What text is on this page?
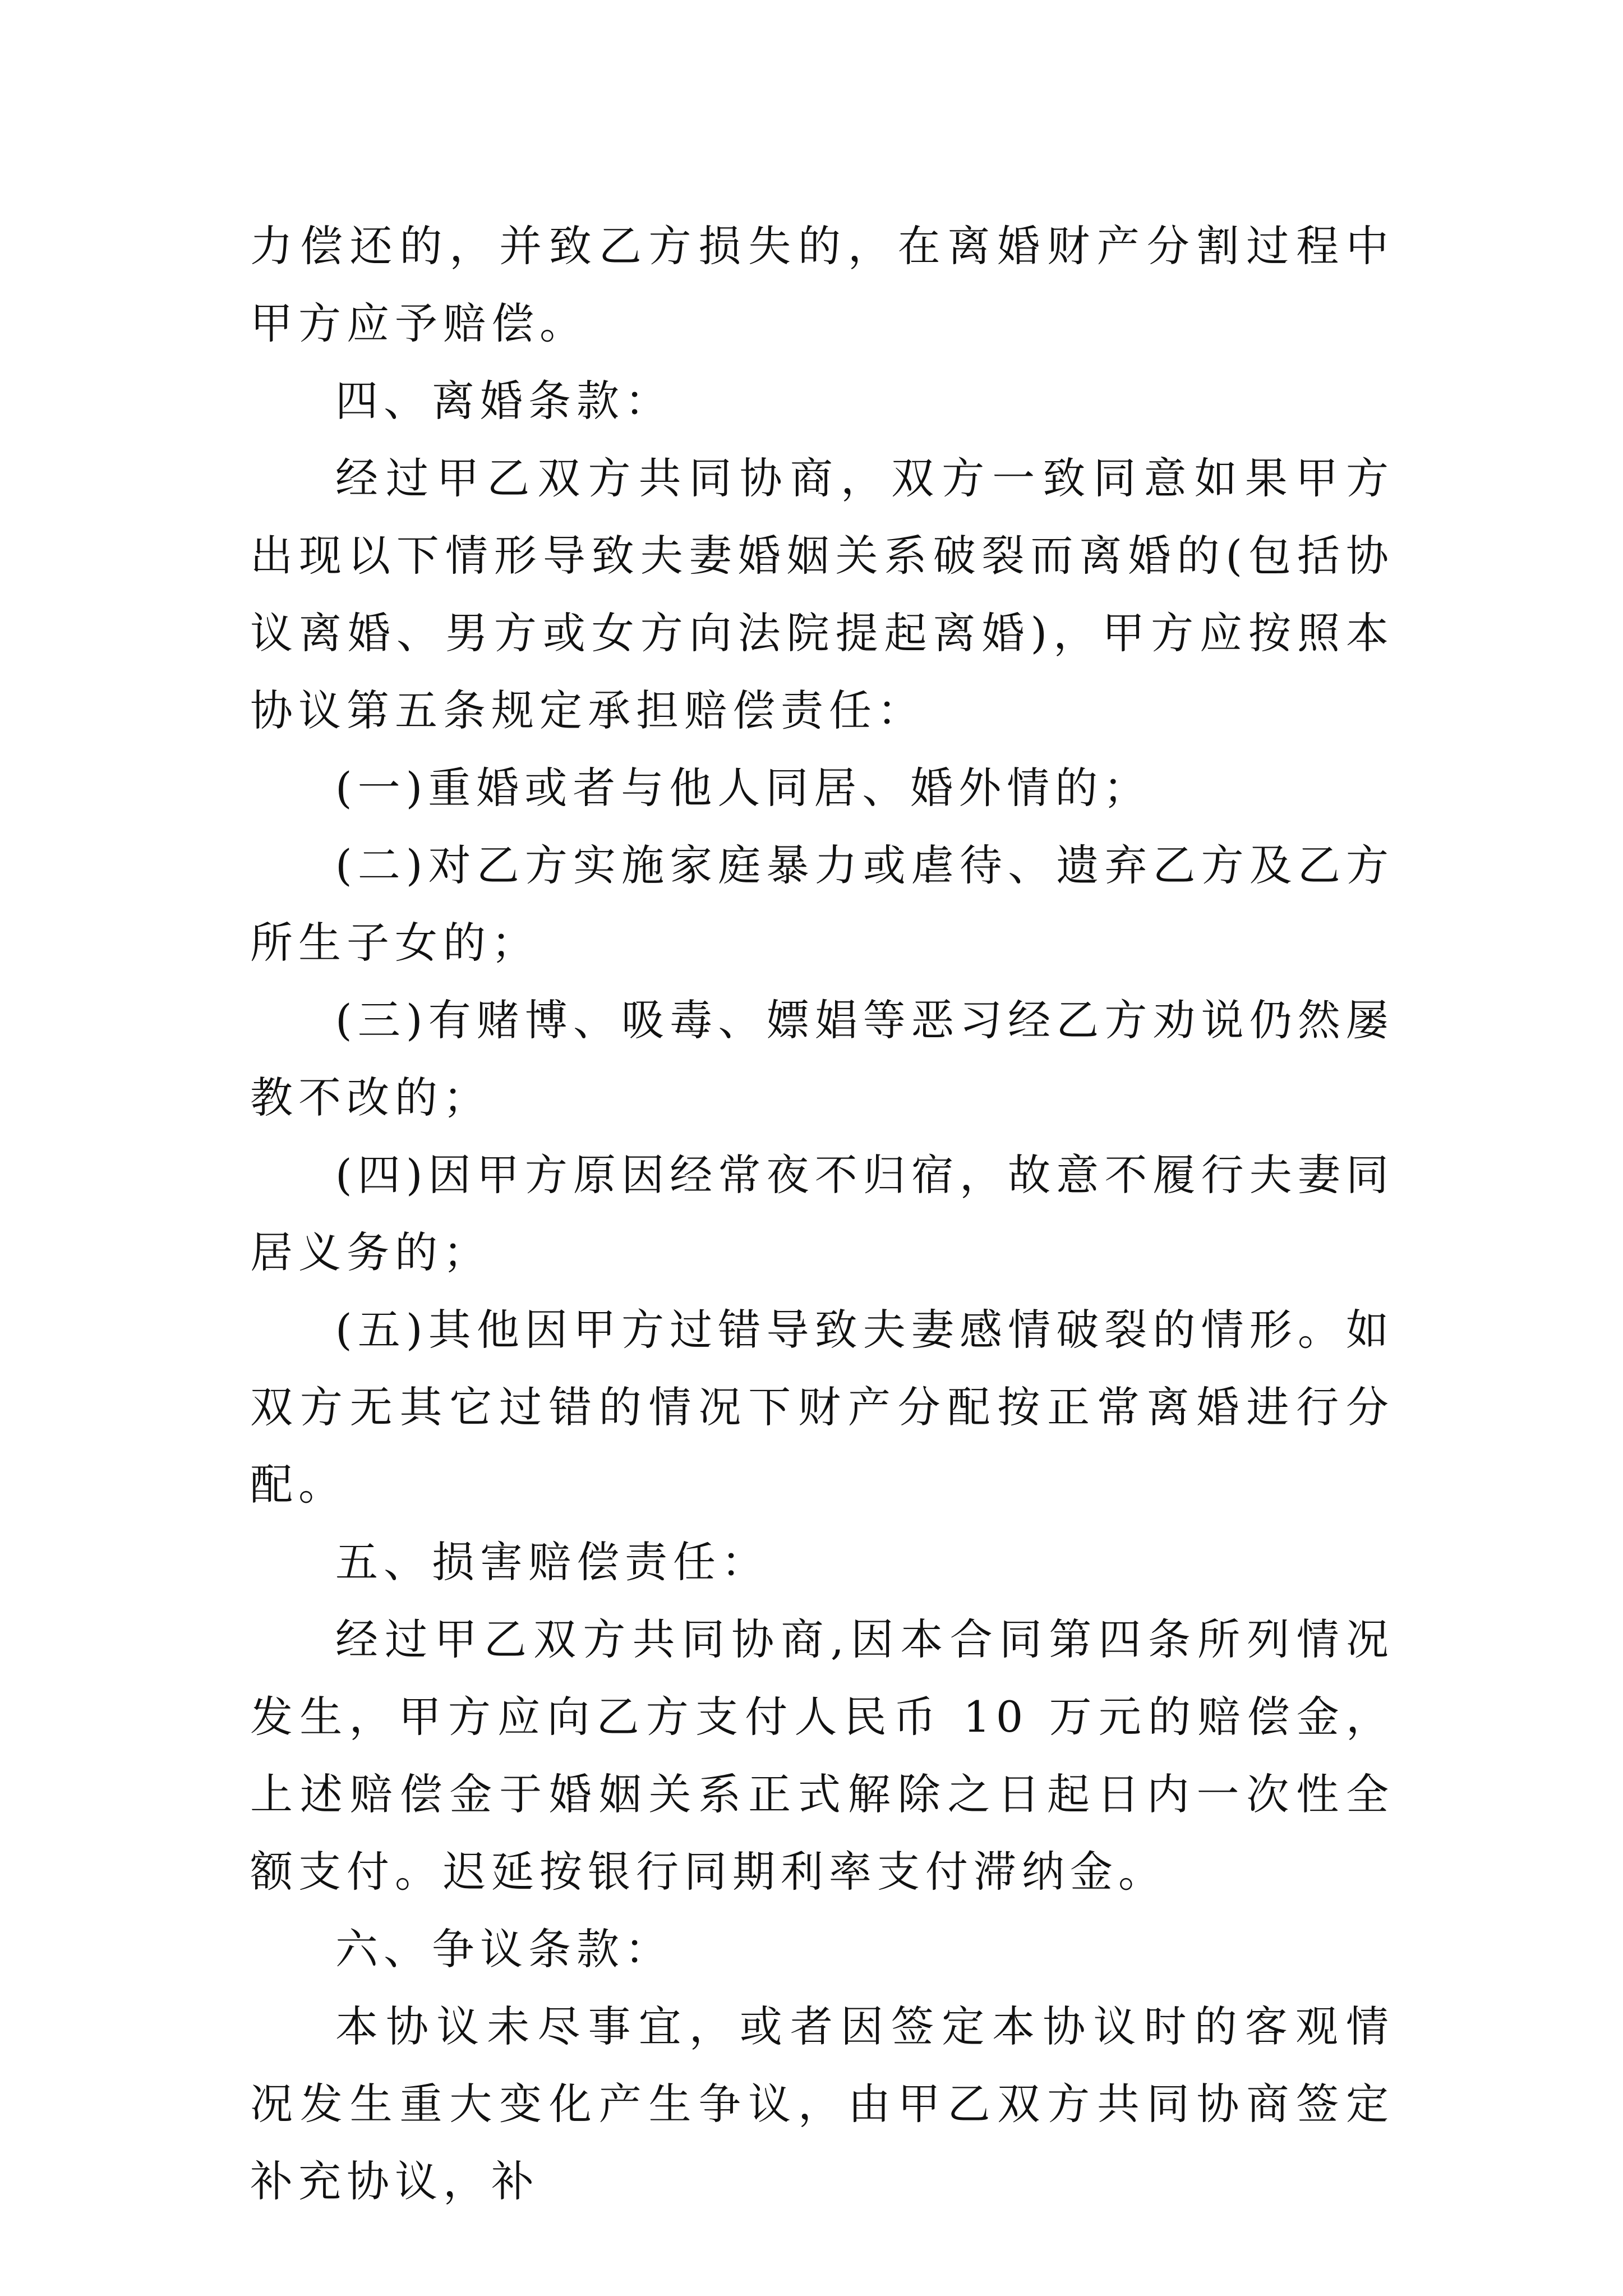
力偿还的，并致乙方损失的，在离婚财产分割过程中甲方应予赔偿。

四、离婚条款：

经过甲乙双方共同协商，双方一致同意如果甲方出现以下情形导致夫妻婚姻关系破裂而离婚的(包括协议离婚、男方或女方向法院提起离婚)，甲方应按照本协议第五条规定承担赔偿责任：

(一)重婚或者与他人同居、婚外情的；

(二)对乙方实施家庭暴力或虐待、遗弃乙方及乙方所生子女的；

(三)有赌博、吸毒、嫖娼等恶习经乙方劝说仍然屡教不改的；

(四)因甲方原因经常夜不归宿，故意不履行夫妻同居义务的；

(五)其他因甲方过错导致夫妻感情破裂的情形。如双方无其它过错的情况下财产分配按正常离婚进行分配。

五、损害赔偿责任：

经过甲乙双方共同协商,因本合同第四条所列情况发生，甲方应向乙方支付人民币 10 万元的赔偿金，上述赔偿金于婚姻关系正式解除之日起日内一次性全额支付。迟延按银行同期利率支付滞纳金。

六、争议条款：

本协议未尽事宜，或者因签定本协议时的客观情况发生重大变化产生争议，由甲乙双方共同协商签定补充协议，补
